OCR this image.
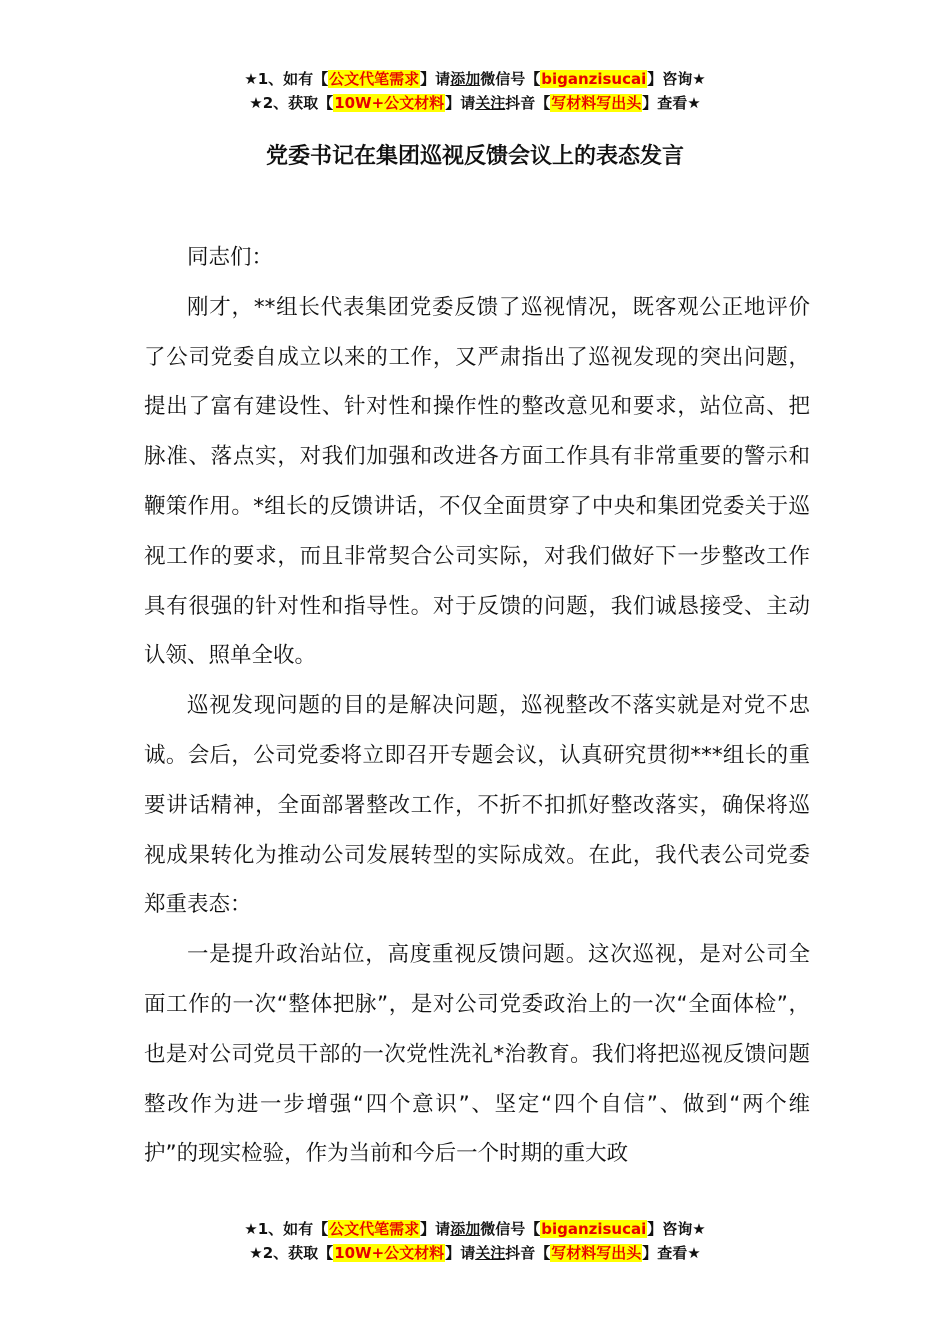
★1、如有【公文代笔需求】请添加微信号【biganzisucai】咨询★
★2、获取【10W+公文材料】请关注抖音【写材料写出头】查看★
党委书记在集团巡视反馈会议上的表态发言

同志们：

刚才，**组长代表集团党委反馈了巡视情况，既客观公正地评价了公司党委自成立以来的工作，又严肃指出了巡视发现的突出问题，提出了富有建设性、针对性和操作性的整改意见和要求，站位高、把脉准、落点实，对我们加强和改进各方面工作具有非常重要的警示和鞭策作用。*组长的反馈讲话，不仅全面贯穿了中央和集团党委关于巡视工作的要求，而且非常契合公司实际，对我们做好下一步整改工作具有很强的针对性和指导性。对于反馈的问题，我们诚恳接受、主动认领、照单全收。

巡视发现问题的目的是解决问题，巡视整改不落实就是对党不忠诚。会后，公司党委将立即召开专题会议，认真研究贯彻***组长的重要讲话精神，全面部署整改工作，不折不扣抓好整改落实，确保将巡视成果转化为推动公司发展转型的实际成效。在此，我代表公司党委郑重表态：

一是提升政治站位，高度重视反馈问题。这次巡视，是对公司全面工作的一次“整体把脉”，是对公司党委政治上的一次“全面体检”，也是对公司党员干部的一次党性洗礼*治教育。我们将把巡视反馈问题整改作为进一步增强“四个意识”、坚定“四个自信”、做到“两个维护”的现实检验，作为当前和今后一个时期的重大政

★1、如有【公文代笔需求】请添加微信号【biganzisucai】咨询★
★2、获取【10W+公文材料】请关注抖音【写材料写出头】查看★
